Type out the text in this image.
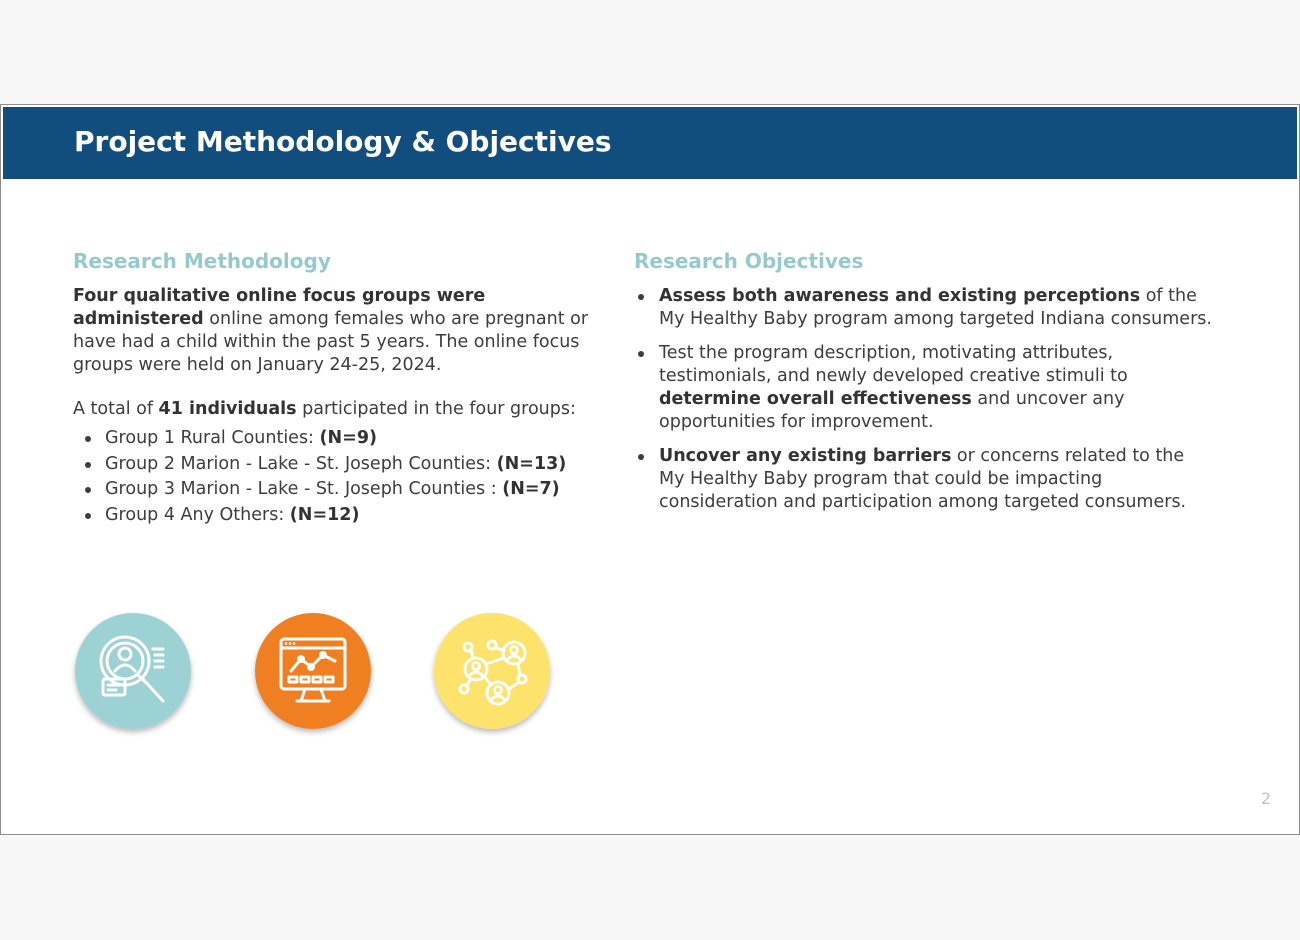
Project Methodology & Objectives
Research Methodology

Four qualitative online focus groups were administered online among females who are pregnant or have had a child within the past 5 years. The online focus groups were held on January 24-25, 2024.

A total of 41 individuals participated in the four groups:

Group 1 Rural Counties: (N=9)
Group 2 Marion - Lake - St. Joseph Counties: (N=13)
Group 3 Marion - Lake - St. Joseph Counties : (N=7)
Group 4 Any Others: (N=12)
Research Objectives
Assess both awareness and existing perceptions of the My Healthy Baby program among targeted Indiana consumers.
Test the program description, motivating attributes, testimonials, and newly developed creative stimuli to determine overall effectiveness and uncover any opportunities for improvement.
Uncover any existing barriers or concerns related to the My Healthy Baby program that could be impacting consideration and participation among targeted consumers.
2
